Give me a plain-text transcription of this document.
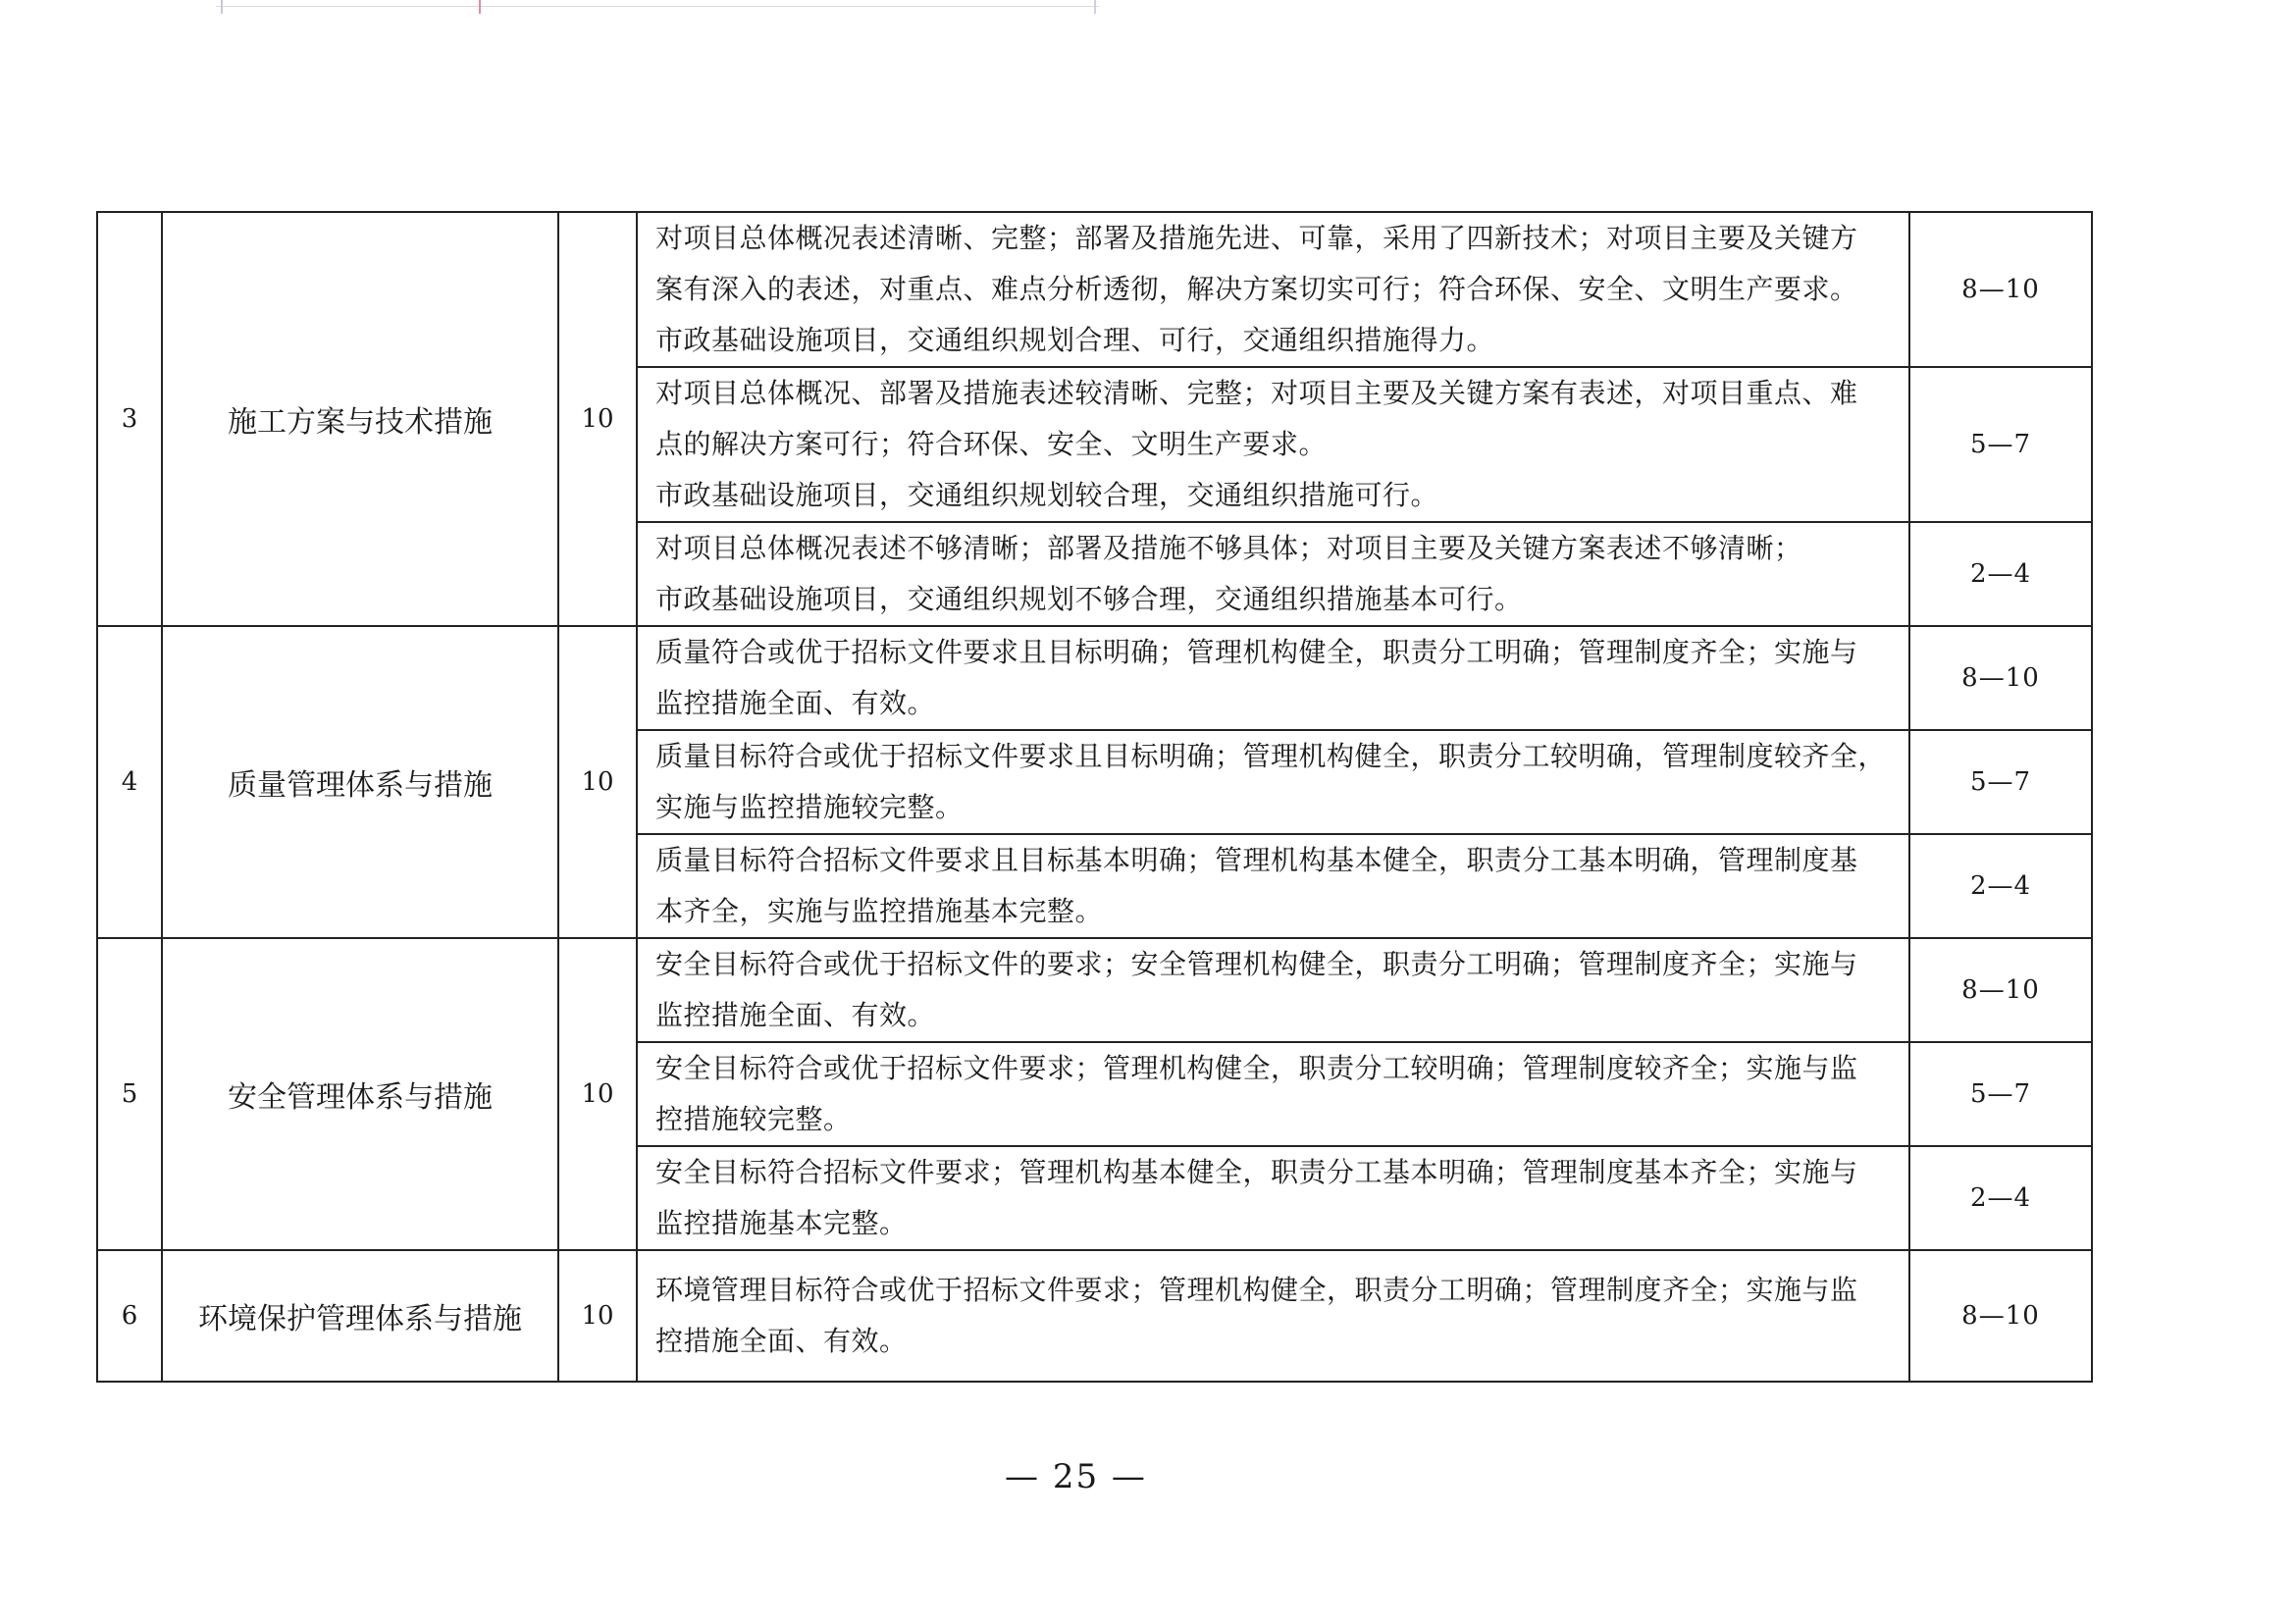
3	施工方案与技术措施	10	对项目总体概况表述清晰、完整；部署及措施先进、可靠，采用了四新技术；对项目主要及关键方
案有深入的表述，对重点、难点分析透彻，解决方案切实可行；符合环保、安全、文明生产要求。
市政基础设施项目，交通组织规划合理、可行，交通组织措施得力。	8—10

			对项目总体概况、部署及措施表述较清晰、完整；对项目主要及关键方案有表述，对项目重点、难
点的解决方案可行；符合环保、安全、文明生产要求。
市政基础设施项目，交通组织规划较合理，交通组织措施可行。	5—7

			对项目总体概况表述不够清晰；部署及措施不够具体；对项目主要及关键方案表述不够清晰；
市政基础设施项目，交通组织规划不够合理，交通组织措施基本可行。	2—4
4	质量管理体系与措施	10	质量符合或优于招标文件要求且目标明确；管理机构健全，职责分工明确；管理制度齐全；实施与
监控措施全面、有效。	8—10

			质量目标符合或优于招标文件要求且目标明确；管理机构健全，职责分工较明确，管理制度较齐全，
实施与监控措施较完整。	5—7

			质量目标符合招标文件要求且目标基本明确；管理机构基本健全，职责分工基本明确，管理制度基
本齐全，实施与监控措施基本完整。	2—4
5	安全管理体系与措施	10	安全目标符合或优于招标文件的要求；安全管理机构健全，职责分工明确；管理制度齐全；实施与
监控措施全面、有效。	8—10

			安全目标符合或优于招标文件要求；管理机构健全，职责分工较明确；管理制度较齐全；实施与监
控措施较完整。	5—7

			安全目标符合招标文件要求；管理机构基本健全，职责分工基本明确；管理制度基本齐全；实施与
监控措施基本完整。	2—4
6	环境保护管理体系与措施	10	环境管理目标符合或优于招标文件要求；管理机构健全，职责分工明确；管理制度齐全；实施与监
控措施全面、有效。	8—10
— 25 —
